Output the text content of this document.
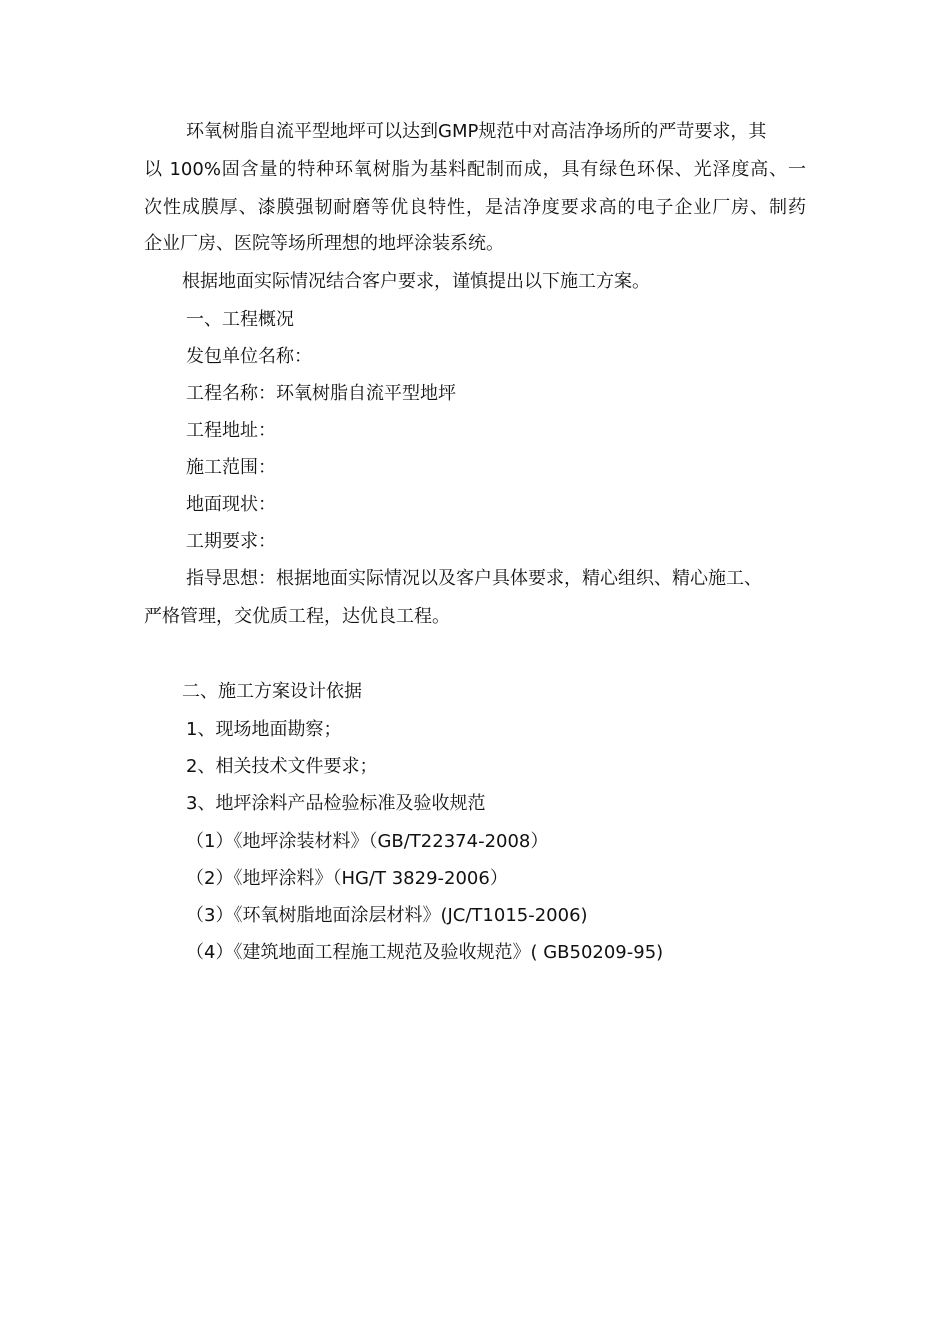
环氧树脂自流平型地坪可以达到GMP规范中对高洁净场所的严苛要求，其
以 100%固含量的特种环氧树脂为基料配制而成，具有绿色环保、光泽度高、一
次性成膜厚、漆膜强韧耐磨等优良特性，是洁净度要求高的电子企业厂房、制药
企业厂房、医院等场所理想的地坪涂装系统。
根据地面实际情况结合客户要求，谨慎提出以下施工方案。
一、工程概况
发包单位名称：
工程名称：环氧树脂自流平型地坪
工程地址：
施工范围：
地面现状：
工期要求：
指导思想：根据地面实际情况以及客户具体要求，精心组织、精心施工、
严格管理，交优质工程，达优良工程。
二、施工方案设计依据
1、现场地面勘察；
2、相关技术文件要求；
3、地坪涂料产品检验标准及验收规范
（1）《地坪涂装材料》（GB/T22374-2008）
（2）《地坪涂料》（HG/T 3829-2006）
（3）《环氧树脂地面涂层材料》(JC/T1015-2006)
（4）《建筑地面工程施工规范及验收规范》( GB50209-95)
